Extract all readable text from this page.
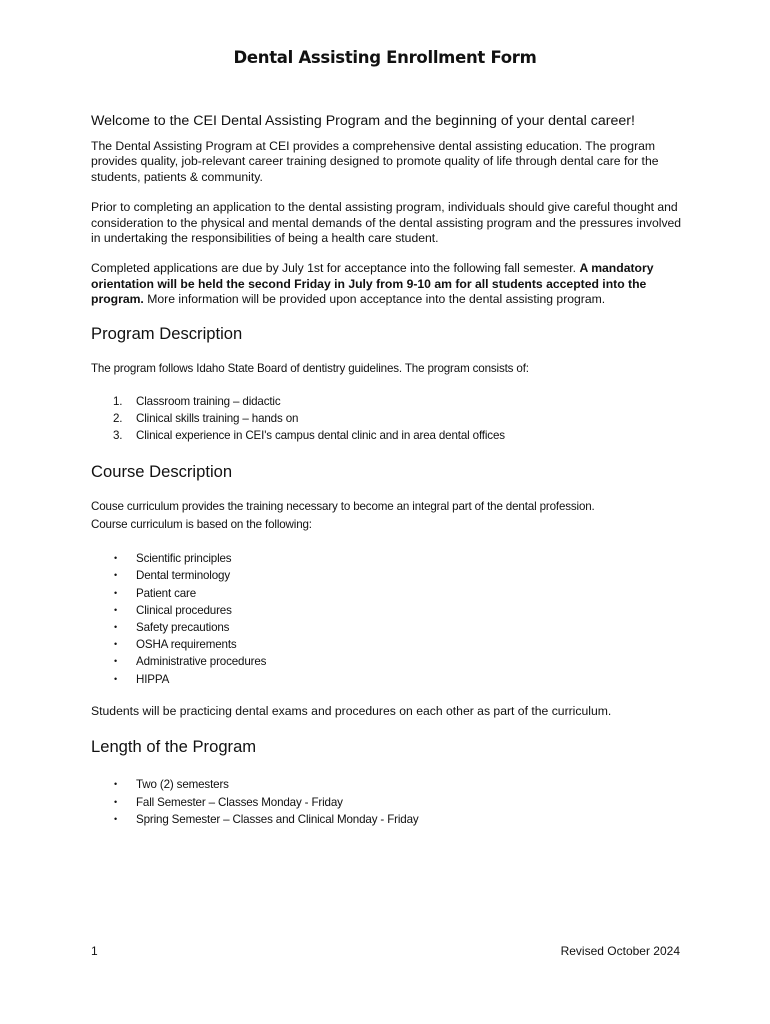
Dental Assisting Enrollment Form
Welcome to the CEI Dental Assisting Program and the beginning of your dental career!

The Dental Assisting Program at CEI provides a comprehensive dental assisting education. The program provides quality, job-relevant career training designed to promote quality of life through dental care for the students, patients & community.

Prior to completing an application to the dental assisting program, individuals should give careful thought and consideration to the physical and mental demands of the dental assisting program and the pressures involved in undertaking the responsibilities of being a health care student.

Completed applications are due by July 1st for acceptance into the following fall semester. A mandatory orientation will be held the second Friday in July from 9-10 am for all students accepted into the program. More information will be provided upon acceptance into the dental assisting program.

Program Description
The program follows Idaho State Board of dentistry guidelines. The program consists of:
1. Classroom training – didactic
2. Clinical skills training – hands on
3. Clinical experience in CEI's campus dental clinic and in area dental offices
Course Description
Couse curriculum provides the training necessary to become an integral part of the dental profession.
Course curriculum is based on the following:
• Scientific principles
• Dental terminology
• Patient care
• Clinical procedures
• Safety precautions
• OSHA requirements
• Administrative procedures
• HIPPA

Students will be practicing dental exams and procedures on each other as part of the curriculum.

Length of the Program
• Two (2) semesters
• Fall Semester – Classes Monday - Friday
• Spring Semester – Classes and Clinical Monday - Friday
1	Revised October 2024
